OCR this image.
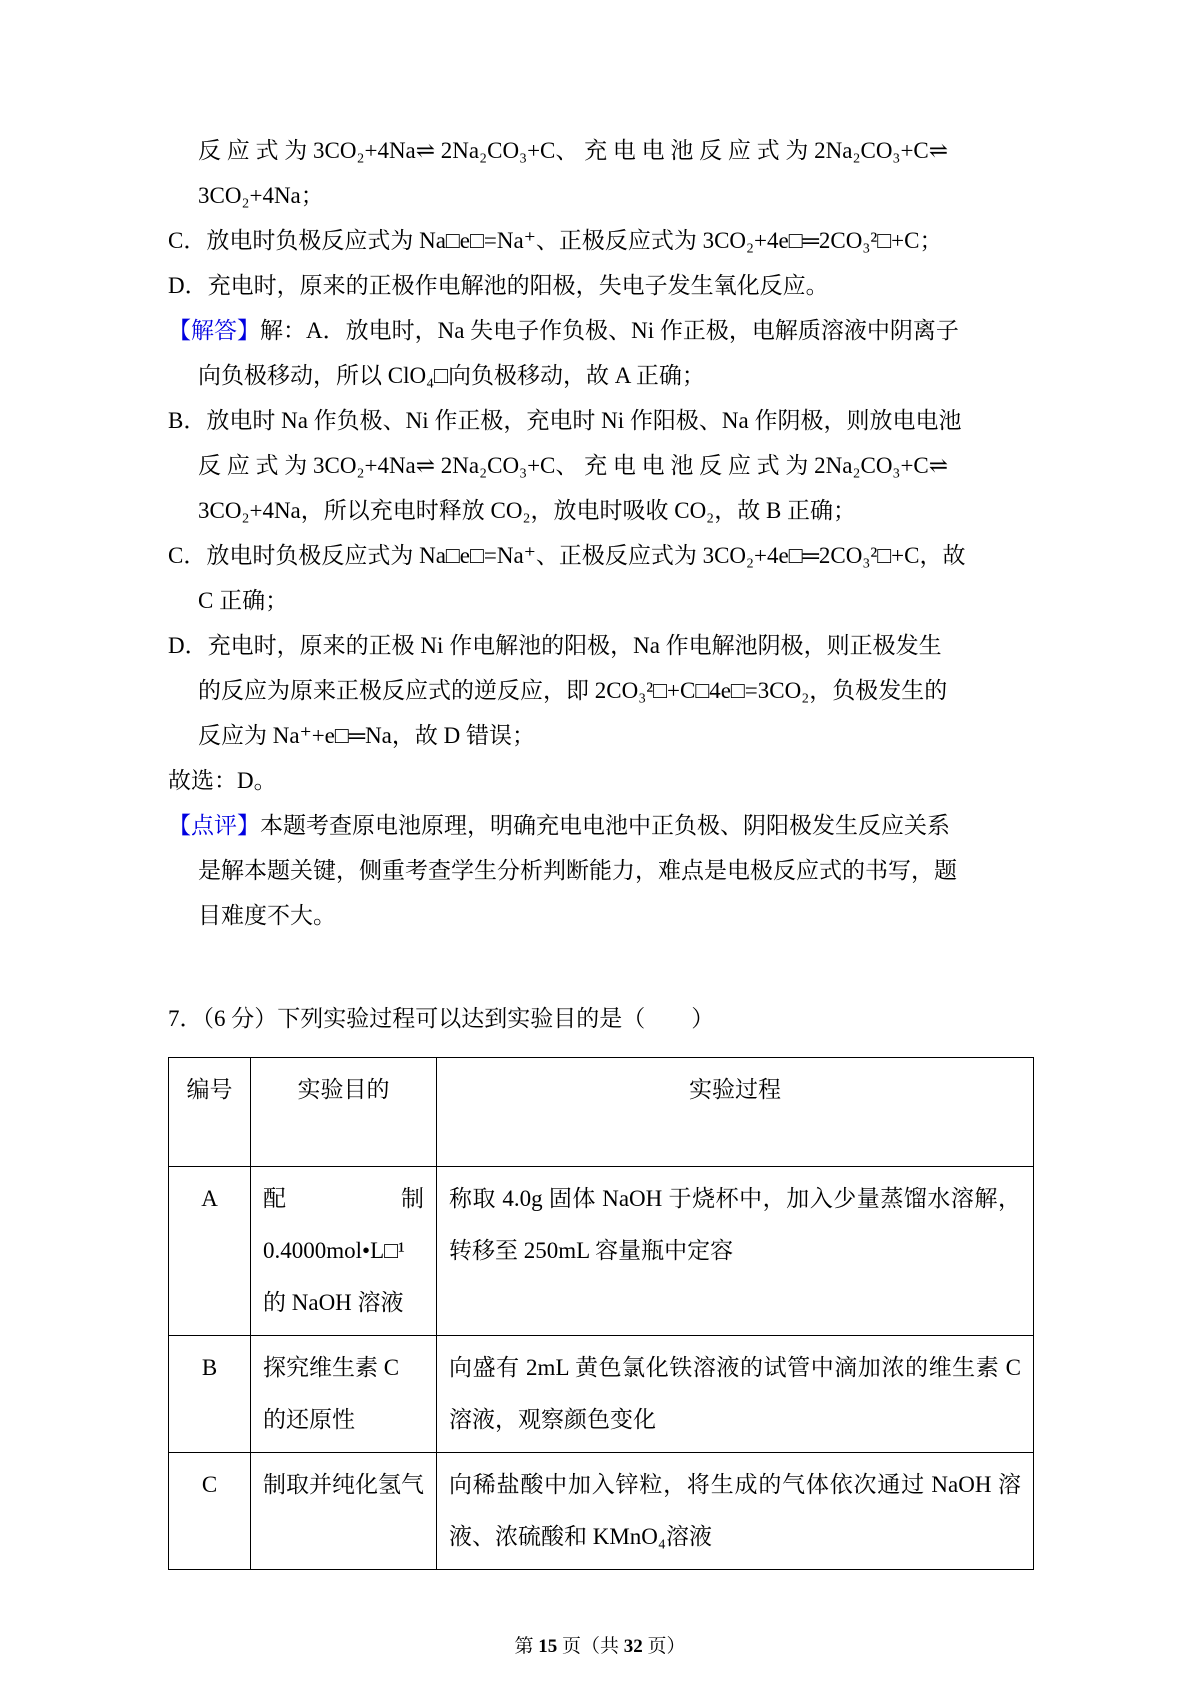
反 应 式 为 3CO₂+4Na⇌ 2Na₂CO₃+C、 充 电 电 池 反 应 式 为 2Na₂CO₃+C⇌
3CO₂+4Na；
C．放电时负极反应式为 Na□e□=Na⁺、正极反应式为 3CO₂+4e□═2CO₃²□+C；
D．充电时，原来的正极作电解池的阳极，失电子发生氧化反应。
【解答】解：A．放电时，Na 失电子作负极、Ni 作正极，电解质溶液中阴离子
向负极移动，所以 ClO₄□向负极移动，故 A 正确；
B．放电时 Na 作负极、Ni 作正极，充电时 Ni 作阳极、Na 作阴极，则放电电池
反 应 式 为 3CO₂+4Na⇌ 2Na₂CO₃+C、 充 电 电 池 反 应 式 为 2Na₂CO₃+C⇌
3CO₂+4Na，所以充电时释放 CO₂，放电时吸收 CO₂，故 B 正确；
C．放电时负极反应式为 Na□e□=Na⁺、正极反应式为 3CO₂+4e□═2CO₃²□+C，故
C 正确；
D．充电时，原来的正极 Ni 作电解池的阳极，Na 作电解池阴极，则正极发生
的反应为原来正极反应式的逆反应，即 2CO₃²□+C□4e□=3CO₂，负极发生的
反应为 Na⁺+e□═Na，故 D 错误；
故选：D。
【点评】本题考查原电池原理，明确充电电池中正负极、阴阳极发生反应关系
是解本题关键，侧重考查学生分析判断能力，难点是电极反应式的书写，题
目难度不大。
7．（6 分）下列实验过程可以达到实验目的是（　　）
编号	实验目的	实验过程
A	配　制
0.4000mol•L□¹
的 NaOH 溶液	称取 4.0g 固体 NaOH 于烧杯中，加入少量蒸馏水溶解，转移至 250mL 容量瓶中定容
B	探究维生素 C 的还原性	向盛有 2mL 黄色氯化铁溶液的试管中滴加浓的维生素 C 溶液，观察颜色变化
C	制取并纯化氢气	向稀盐酸中加入锌粒，将生成的气体依次通过 NaOH 溶液、浓硫酸和 KMnO₄溶液
第 15 页（共 32 页）
